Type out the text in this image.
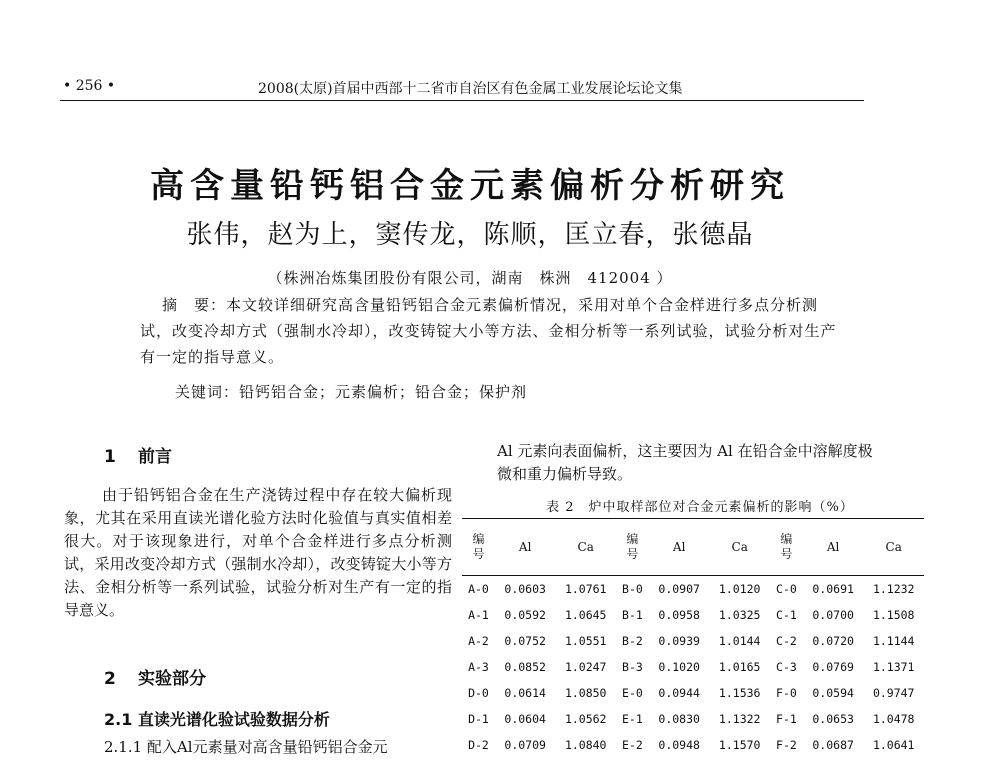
• 256 •	2008(太原)首届中西部十二省市自治区有色金属工业发展论坛论文集
高含量铅钙铝合金元素偏析分析研究
张伟，赵为上，窦传龙，陈顺，匡立春，张德晶
（株洲冶炼集团股份有限公司，湖南　株洲　412004 ）
摘　要：本文较详细研究高含量铅钙铝合金元素偏析情况，采用对单个合金样进行多点分析测试，改变冷却方式（强制水冷却），改变铸锭大小等方法、金相分析等一系列试验，试验分析对生产有一定的指导意义。
关键词：铅钙铝合金；元素偏析；铅合金；保护剂
1 前言
由于铅钙铝合金在生产浇铸过程中存在较大偏析现象，尤其在采用直读光谱化验方法时化验值与真实值相差很大。对于该现象进行，对单个合金样进行多点分析测试，采用改变冷却方式（强制水冷却），改变铸锭大小等方法、金相分析等一系列试验，试验分析对生产有一定的指导意义。
2 实验部分
2.1 直读光谱化验试验数据分析
2.1.1 配入Al元素量对高含量铅钙铝合金元
Al 元素向表面偏析，这主要因为 Al 在铅合金中溶解度极微和重力偏析导致。
表 2　炉中取样部位对合金元素偏析的影响（%）
编号	Al	Ca	编号	Al	Ca	编号	Al	Ca
A-0	0.0603	1.0761	B-0	0.0907	1.0120	C-0	0.0691	1.1232
A-1	0.0592	1.0645	B-1	0.0958	1.0325	C-1	0.0700	1.1508
A-2	0.0752	1.0551	B-2	0.0939	1.0144	C-2	0.0720	1.1144
A-3	0.0852	1.0247	B-3	0.1020	1.0165	C-3	0.0769	1.1371
D-0	0.0614	1.0850	E-0	0.0944	1.1536	F-0	0.0594	0.9747
D-1	0.0604	1.0562	E-1	0.0830	1.1322	F-1	0.0653	1.0478
D-2	0.0709	1.0840	E-2	0.0948	1.1570	F-2	0.0687	1.0641
